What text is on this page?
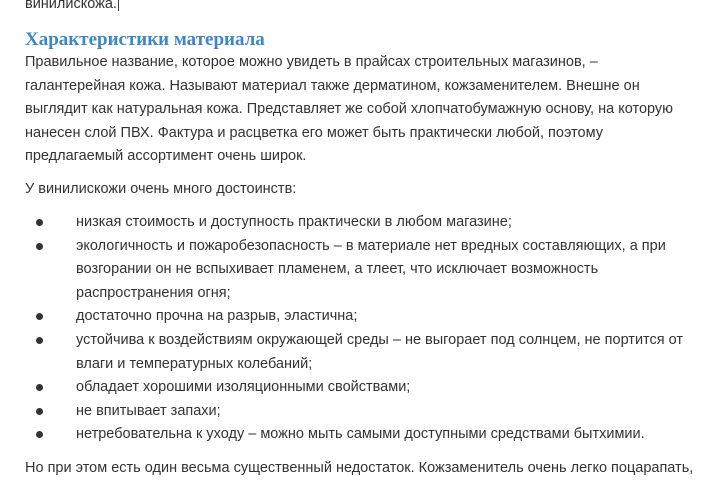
винилискожа.
Характеристики материала
Правильное название, которое можно увидеть в прайсах строительных магазинов, –
галантерейная кожа. Называют материал также дерматином, кожзаменителем. Внешне он
выглядит как натуральная кожа. Представляет же собой хлопчатобумажную основу, на которую
нанесен слой ПВХ. Фактура и расцветка его может быть практически любой, поэтому
предлагаемый ассортимент очень широк.
У винилискожи очень много достоинств:
низкая стоимость и доступность практически в любом магазине;
экологичность и пожаробезопасность – в материале нет вредных составляющих, а при
возгорании он не вспыхивает пламенем, а тлеет, что исключает возможность
распространения огня;
достаточно прочна на разрыв, эластична;
устойчива к воздействиям окружающей среды – не выгорает под солнцем, не портится от
влаги и температурных колебаний;
обладает хорошими изоляционными свойствами;
не впитывает запахи;
нетребовательна к уходу – можно мыть самыми доступными средствами бытхимии.
Но при этом есть один весьма существенный недостаток. Кожзаменитель очень легко поцарапать,
